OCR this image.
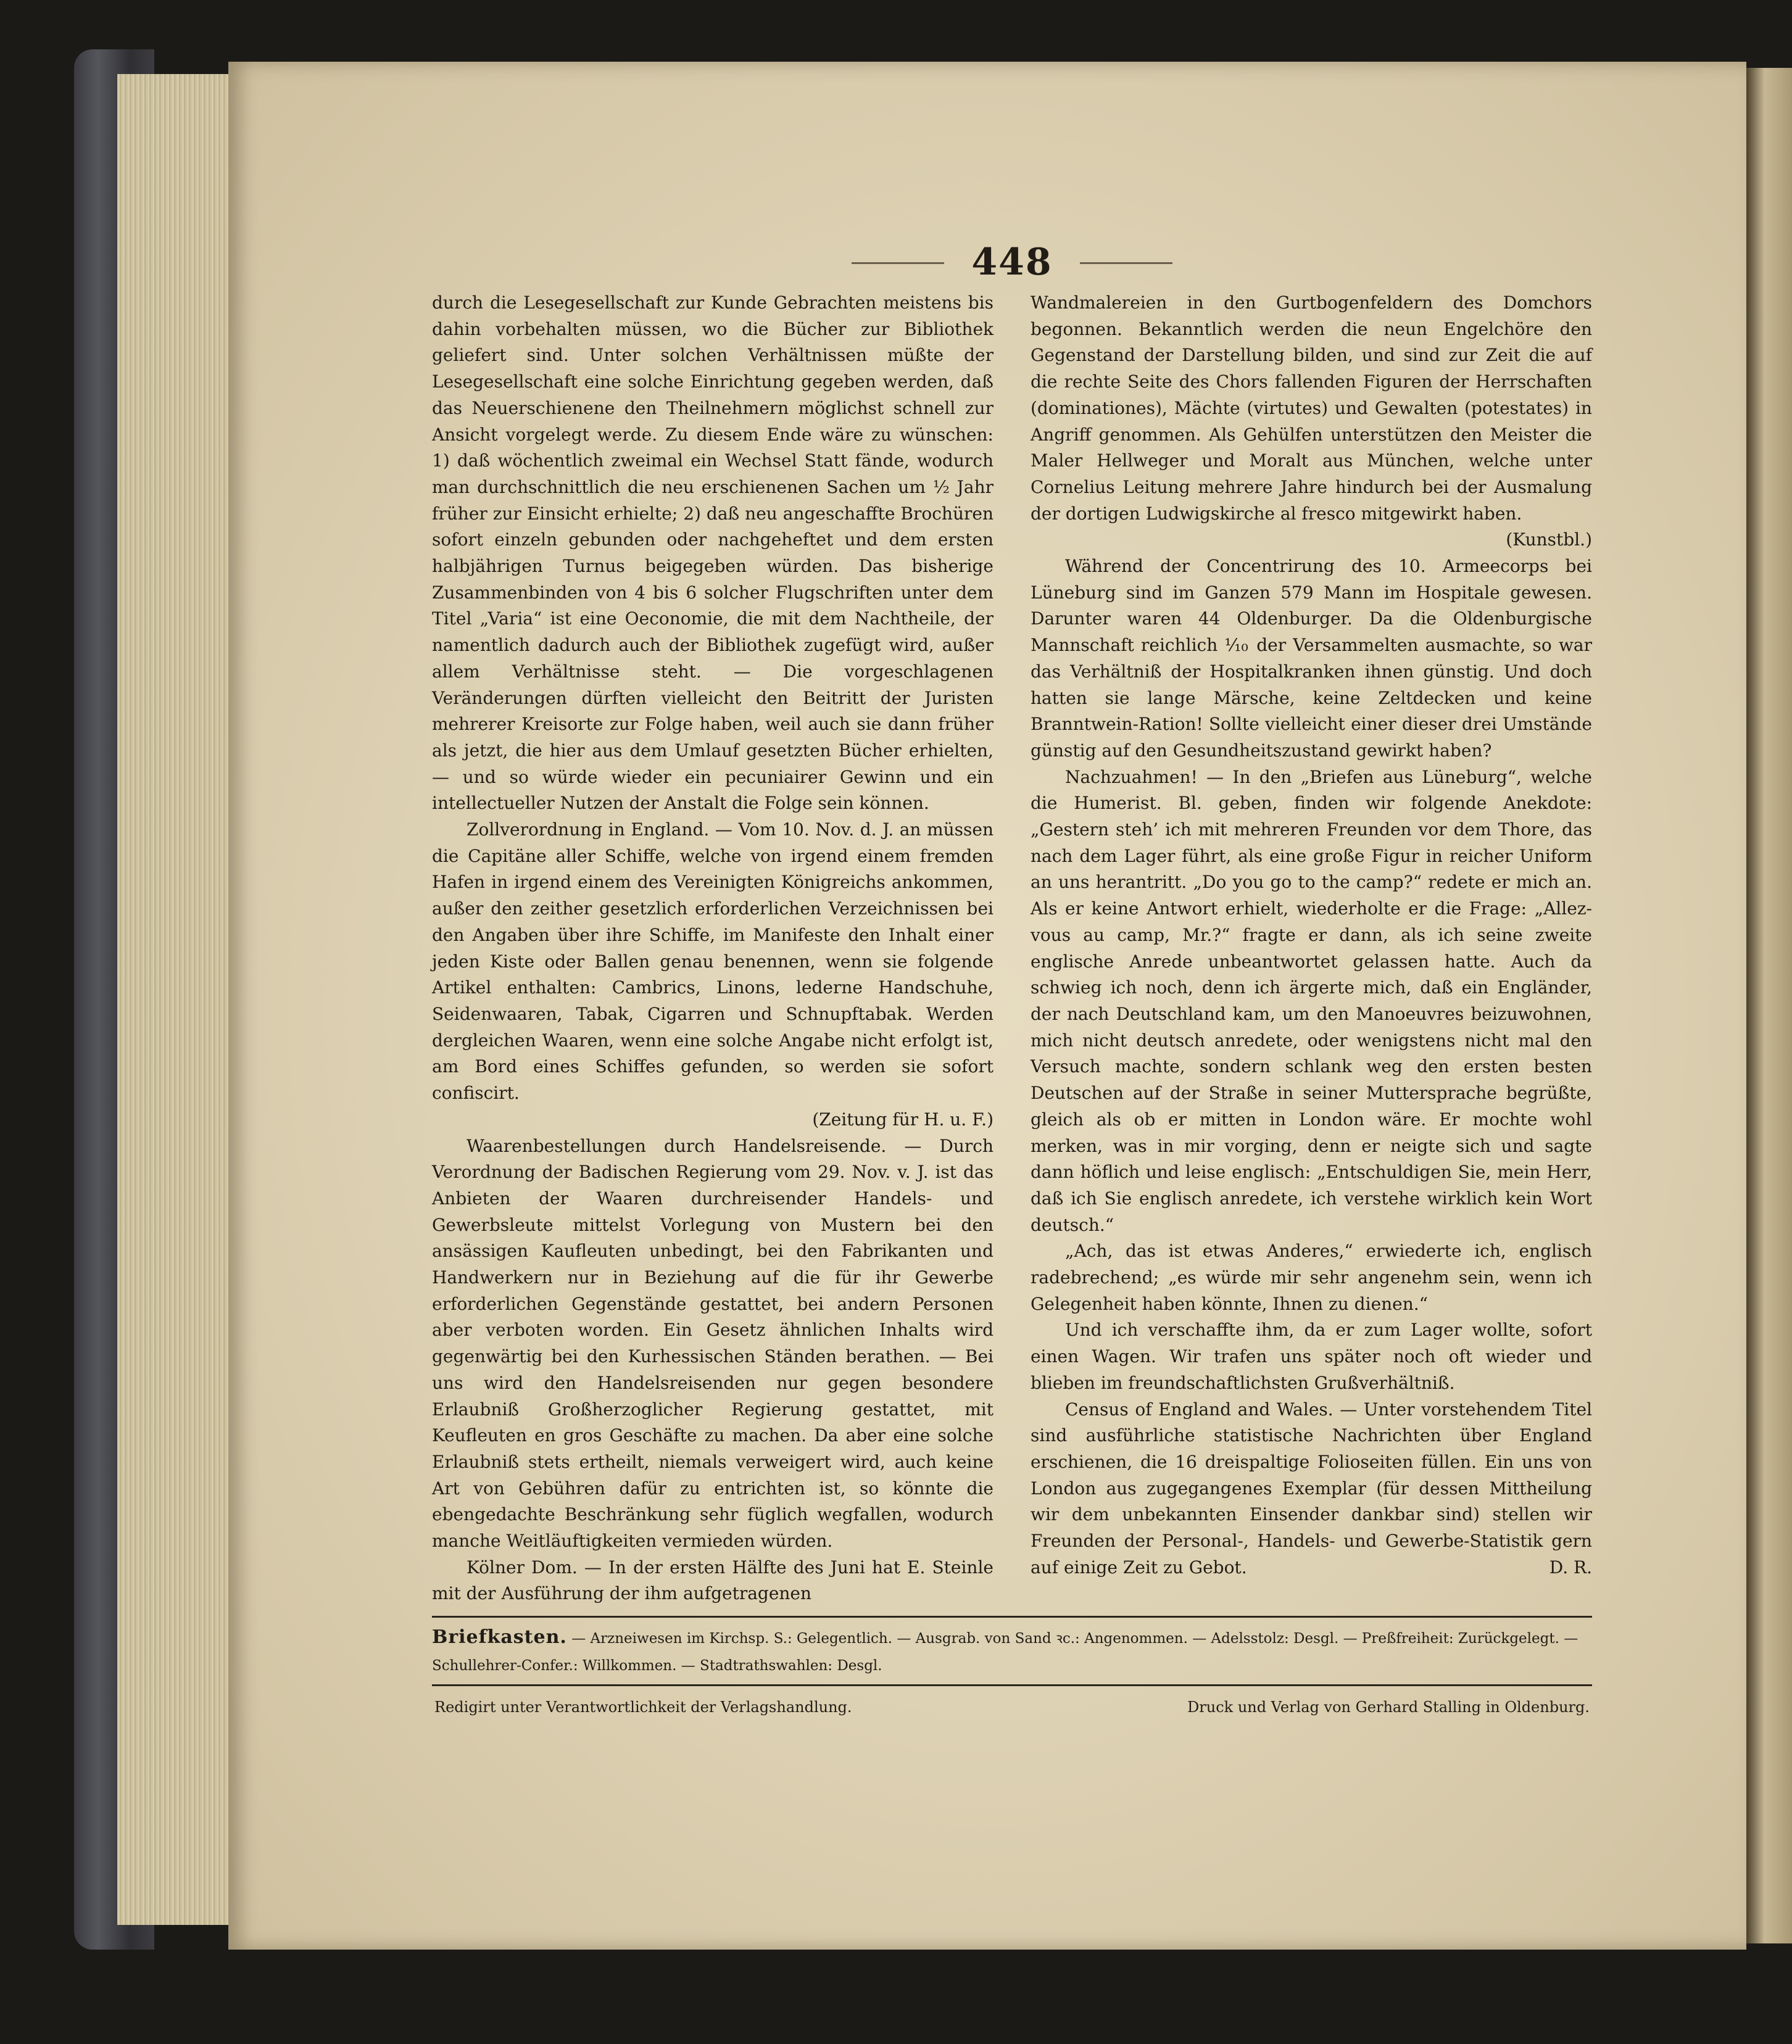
448

durch die Lesegesellschaft zur Kunde Gebrachten meistens bis dahin vorbehalten müssen, wo die Bücher zur Bibliothek geliefert sind. Unter solchen Verhältnissen müßte der Lesegesellschaft eine solche Einrichtung gegeben werden, daß das Neuerschienene den Theilnehmern möglichst schnell zur Ansicht vorgelegt werde. Zu diesem Ende wäre zu wünschen: 1) daß wöchentlich zweimal ein Wechsel Statt fände, wodurch man durchschnittlich die neu erschienenen Sachen um ½ Jahr früher zur Einsicht erhielte; 2) daß neu angeschaffte Brochüren sofort einzeln gebunden oder nachgeheftet und dem ersten halbjährigen Turnus beigegeben würden. Das bisherige Zusammenbinden von 4 bis 6 solcher Flugschriften unter dem Titel „Varia“ ist eine Oeconomie, die mit dem Nachtheile, der namentlich dadurch auch der Bibliothek zugefügt wird, außer allem Verhältnisse steht. — Die vorgeschlagenen Veränderungen dürften vielleicht den Beitritt der Juristen mehrerer Kreisorte zur Folge haben, weil auch sie dann früher als jetzt, die hier aus dem Umlauf gesetzten Bücher erhielten, — und so würde wieder ein pecuniairer Gewinn und ein intellectueller Nutzen der Anstalt die Folge sein können.

Zollverordnung in England. — Vom 10. Nov. d. J. an müssen die Capitäne aller Schiffe, welche von irgend einem fremden Hafen in irgend einem des Vereinigten Königreichs ankommen, außer den zeither gesetzlich erforderlichen Verzeichnissen bei den Angaben über ihre Schiffe, im Manifeste den Inhalt einer jeden Kiste oder Ballen genau benennen, wenn sie folgende Artikel enthalten: Cambrics, Linons, lederne Handschuhe, Seidenwaaren, Tabak, Cigarren und Schnupftabak. Werden dergleichen Waaren, wenn eine solche Angabe nicht erfolgt ist, am Bord eines Schiffes gefunden, so werden sie sofort confiscirt.

(Zeitung für H. u. F.)

Waarenbestellungen durch Handelsreisende. — Durch Verordnung der Badischen Regierung vom 29. Nov. v. J. ist das Anbieten der Waaren durchreisender Handels- und Gewerbsleute mittelst Vorlegung von Mustern bei den ansässigen Kaufleuten unbedingt, bei den Fabrikanten und Handwerkern nur in Beziehung auf die für ihr Gewerbe erforderlichen Gegenstände gestattet, bei andern Personen aber verboten worden. Ein Gesetz ähnlichen Inhalts wird gegenwärtig bei den Kurhessischen Ständen berathen. — Bei uns wird den Handelsreisenden nur gegen besondere Erlaubniß Großherzoglicher Regierung gestattet, mit Keufleuten en gros Geschäfte zu machen. Da aber eine solche Erlaubniß stets ertheilt, niemals verweigert wird, auch keine Art von Gebühren dafür zu entrichten ist, so könnte die ebengedachte Beschränkung sehr füglich wegfallen, wodurch manche Weitläuftigkeiten vermieden würden.

Kölner Dom. — In der ersten Hälfte des Juni hat E. Steinle mit der Ausführung der ihm aufgetragenen

Wandmalereien in den Gurtbogenfeldern des Domchors begonnen. Bekanntlich werden die neun Engelchöre den Gegenstand der Darstellung bilden, und sind zur Zeit die auf die rechte Seite des Chors fallenden Figuren der Herrschaften (dominationes), Mächte (virtutes) und Gewalten (potestates) in Angriff genommen. Als Gehülfen unterstützen den Meister die Maler Hellweger und Moralt aus München, welche unter Cornelius Leitung mehrere Jahre hindurch bei der Ausmalung der dortigen Ludwigskirche al fresco mitgewirkt haben.
(Kunstbl.)

Während der Concentrirung des 10. Armeecorps bei Lüneburg sind im Ganzen 579 Mann im Hospitale gewesen. Darunter waren 44 Oldenburger. Da die Oldenburgische Mannschaft reichlich ⅒ der Versammelten ausmachte, so war das Verhältniß der Hospitalkranken ihnen günstig. Und doch hatten sie lange Märsche, keine Zeltdecken und keine Branntwein-Ration! Sollte vielleicht einer dieser drei Umstände günstig auf den Gesundheitszustand gewirkt haben?

Nachzuahmen! — In den „Briefen aus Lüneburg“, welche die Humerist. Bl. geben, finden wir folgende Anekdote: „Gestern steh’ ich mit mehreren Freunden vor dem Thore, das nach dem Lager führt, als eine große Figur in reicher Uniform an uns herantritt. „Do you go to the camp?“ redete er mich an. Als er keine Antwort erhielt, wiederholte er die Frage: „Allez-vous au camp, Mr.?“ fragte er dann, als ich seine zweite englische Anrede unbeantwortet gelassen hatte. Auch da schwieg ich noch, denn ich ärgerte mich, daß ein Engländer, der nach Deutschland kam, um den Manoeuvres beizuwohnen, mich nicht deutsch anredete, oder wenigstens nicht mal den Versuch machte, sondern schlank weg den ersten besten Deutschen auf der Straße in seiner Muttersprache begrüßte, gleich als ob er mitten in London wäre. Er mochte wohl merken, was in mir vorging, denn er neigte sich und sagte dann höflich und leise englisch: „Entschuldigen Sie, mein Herr, daß ich Sie englisch anredete, ich verstehe wirklich kein Wort deutsch.“

„Ach, das ist etwas Anderes,“ erwiederte ich, englisch radebrechend; „es würde mir sehr angenehm sein, wenn ich Gelegenheit haben könnte, Ihnen zu dienen.“

Und ich verschaffte ihm, da er zum Lager wollte, sofort einen Wagen. Wir trafen uns später noch oft wieder und blieben im freundschaftlichsten Grußverhältniß.

Census of England and Wales. — Unter vorstehendem Titel sind ausführliche statistische Nachrichten über England erschienen, die 16 dreispaltige Folioseiten füllen. Ein uns von London aus zugegangenes Exemplar (für dessen Mittheilung wir dem unbekannten Einsender dankbar sind) stellen wir Freunden der Personal-, Handels- und Gewerbe-Statistik gern auf einige Zeit zu Gebot.	D. R.

Briefkasten. — Arzneiwesen im Kirchsp. S.: Gelegentlich. — Ausgrab. von Sand ꝛc.: Angenommen. — Adelsstolz: Desgl. — Preßfreiheit: Zurückgelegt. — Schullehrer-Confer.: Willkommen. — Stadtrathswahlen: Desgl.
Redigirt unter Verantwortlichkeit der Verlagshandlung.	Druck und Verlag von Gerhard Stalling in Oldenburg.
